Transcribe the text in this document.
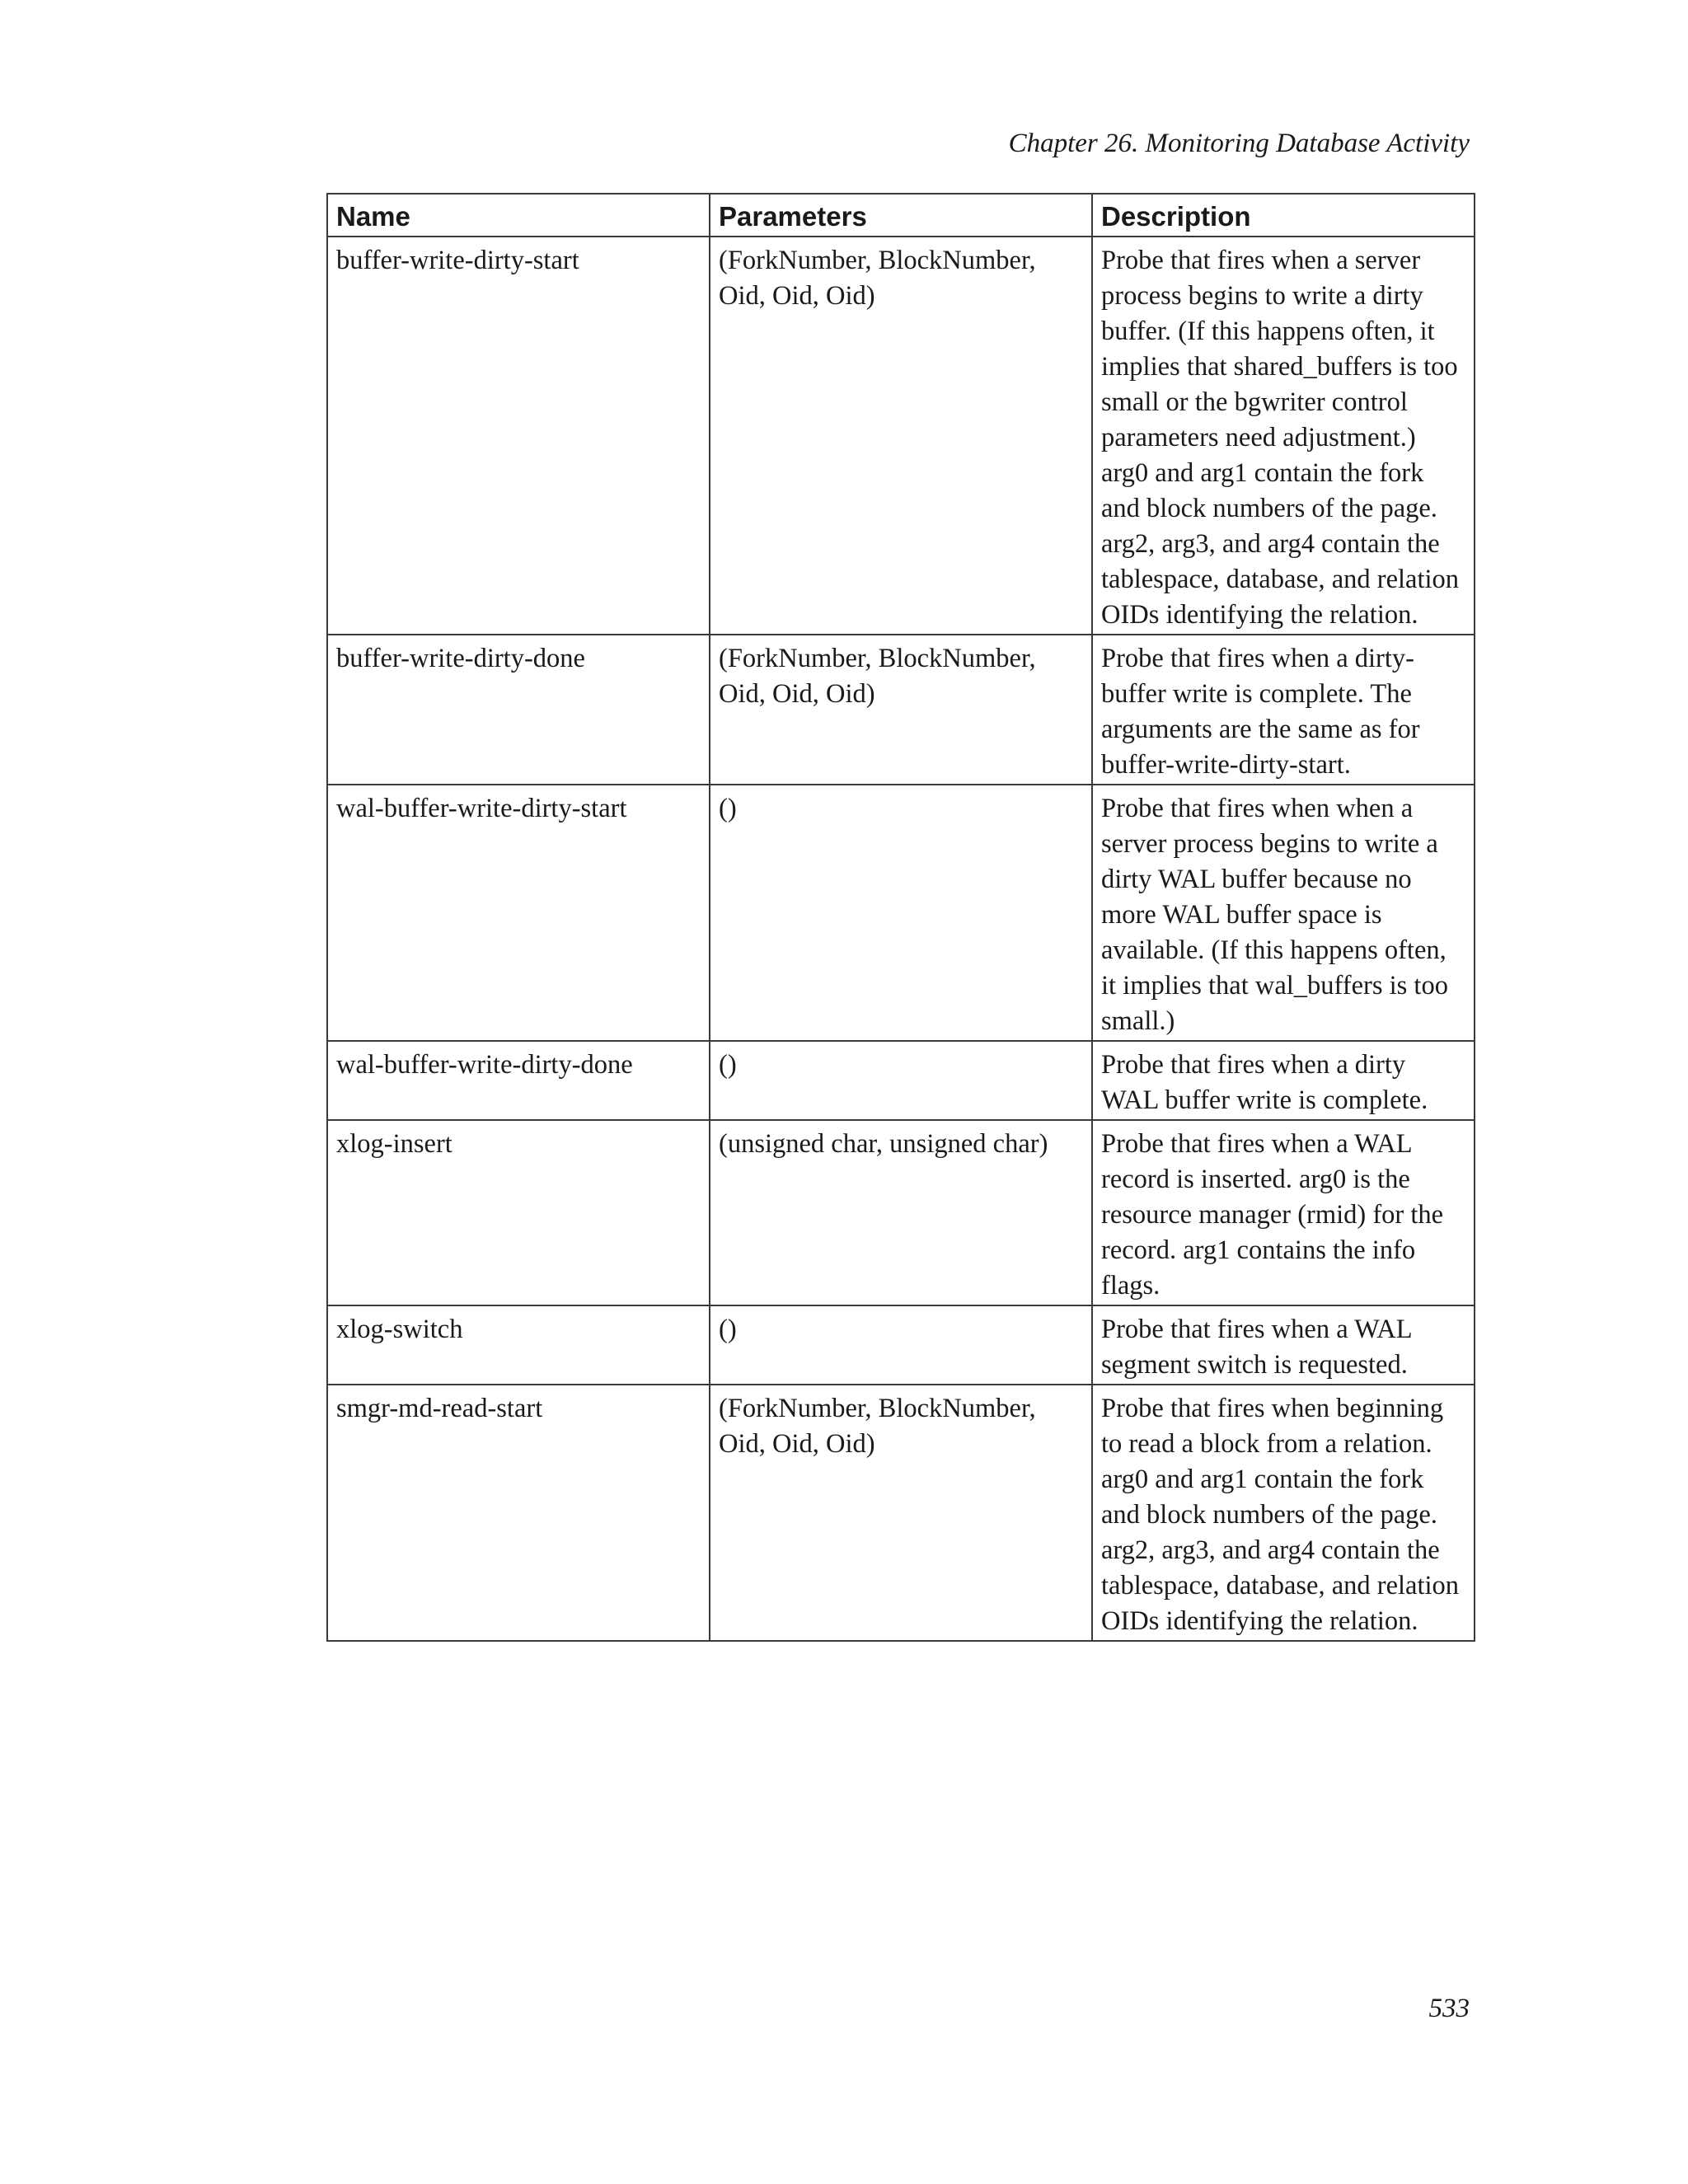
Chapter 26. Monitoring Database Activity
Name	Parameters	Description
buffer-write-dirty-start	(ForkNumber, BlockNumber, Oid, Oid, Oid)	Probe that fires when a server process begins to write a dirty buffer. (If this happens often, it implies that shared_buffers is too small or the bgwriter control parameters need adjustment.) arg0 and arg1 contain the fork and block numbers of the page. arg2, arg3, and arg4 contain the tablespace, database, and relation OIDs identifying the relation.
buffer-write-dirty-done	(ForkNumber, BlockNumber, Oid, Oid, Oid)	Probe that fires when a dirty-buffer write is complete. The arguments are the same as for buffer-write-dirty-start.
wal-buffer-write-dirty-start	()	Probe that fires when when a server process begins to write a dirty WAL buffer because no more WAL buffer space is available. (If this happens often, it implies that wal_buffers is too small.)
wal-buffer-write-dirty-done	()	Probe that fires when a dirty WAL buffer write is complete.
xlog-insert	(unsigned char, unsigned char)	Probe that fires when a WAL record is inserted. arg0 is the resource manager (rmid) for the record. arg1 contains the info flags.
xlog-switch	()	Probe that fires when a WAL segment switch is requested.
smgr-md-read-start	(ForkNumber, BlockNumber, Oid, Oid, Oid)	Probe that fires when beginning to read a block from a relation. arg0 and arg1 contain the fork and block numbers of the page. arg2, arg3, and arg4 contain the tablespace, database, and relation OIDs identifying the relation.
533
